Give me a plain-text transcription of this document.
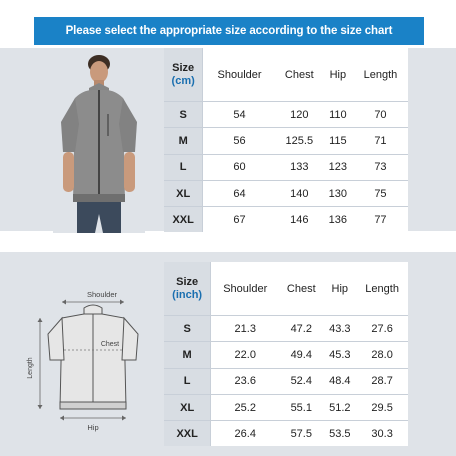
Please select the appropriate size according to the size chart
Shoulder
Chest
Length
Hip
Size
(cm)	Shoulder	Chest	Hip	Length
S	54	120	110	70
M	56	125.5	115	71
L	60	133	123	73
XL	64	140	130	75
XXL	67	146	136	77
Size
(inch)	Shoulder	Chest	Hip	Length
S	21.3	47.2	43.3	27.6
M	22.0	49.4	45.3	28.0
L	23.6	52.4	48.4	28.7
XL	25.2	55.1	51.2	29.5
XXL	26.4	57.5	53.5	30.3
